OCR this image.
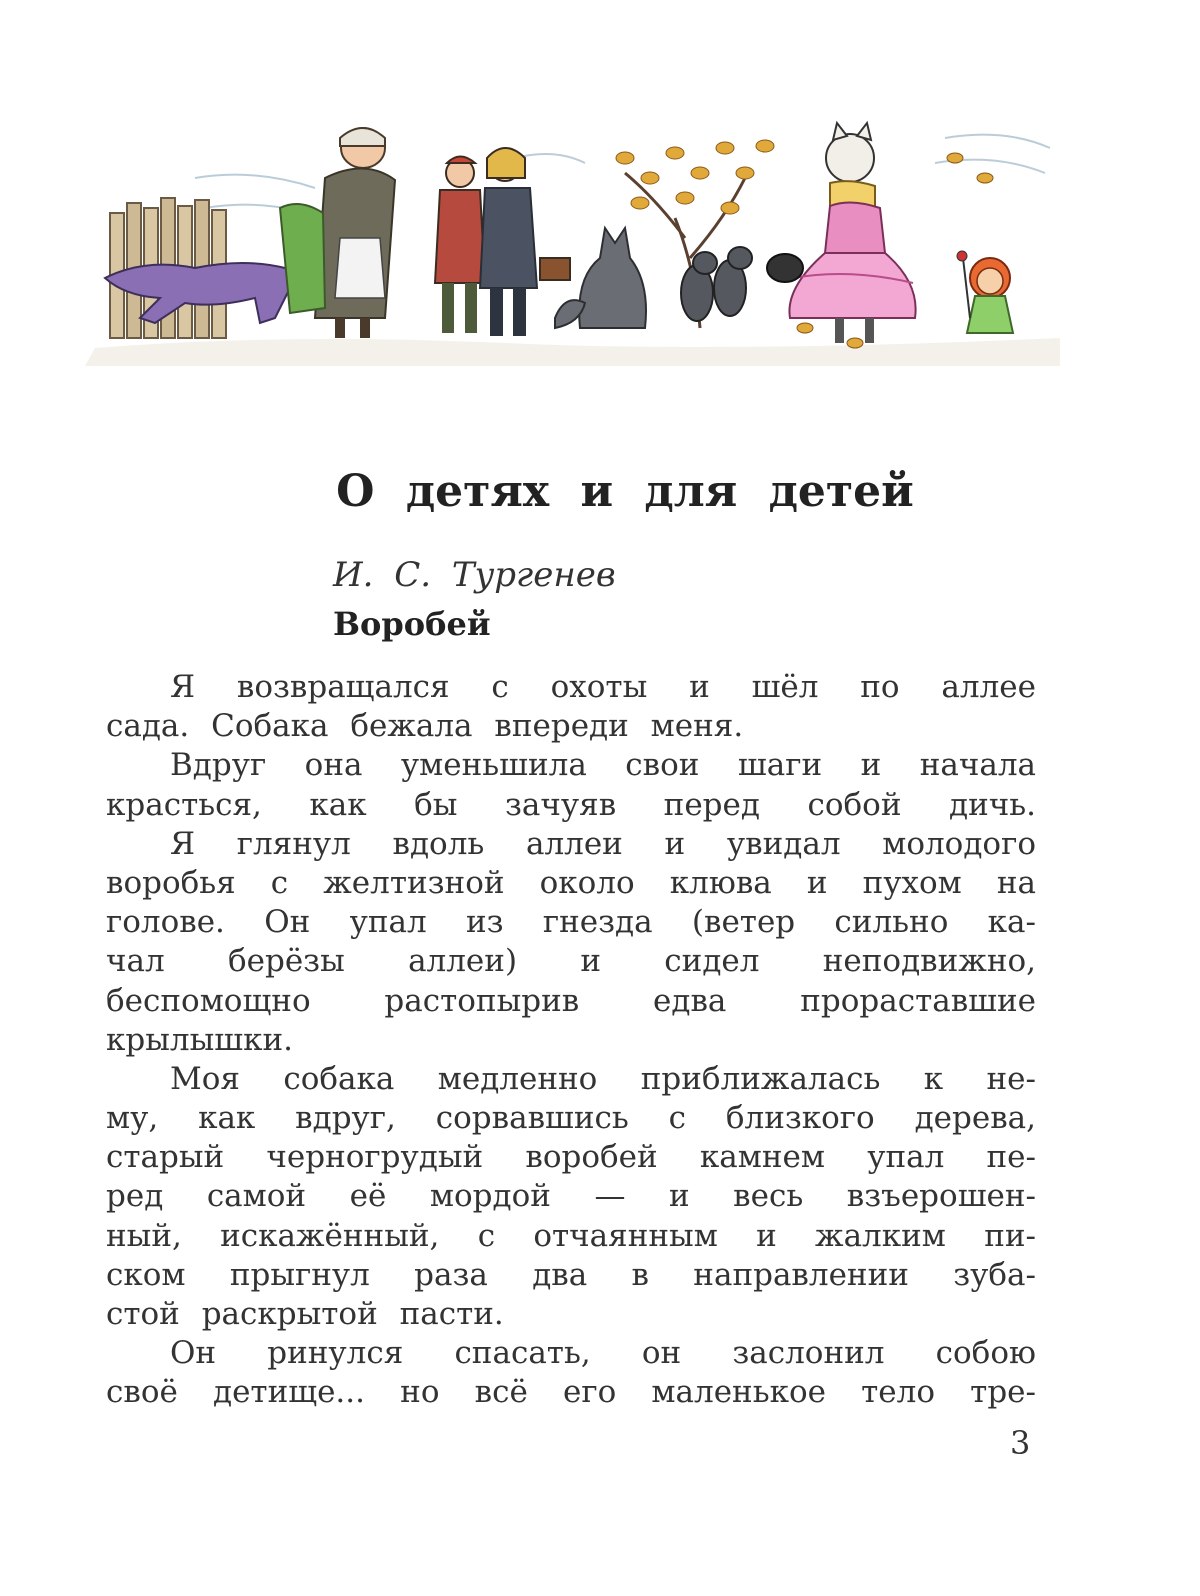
О детях и для детей
И. С. Тургенев
Воробей

Я возвращался с охоты и шёл по аллее
сада. Собака бежала впереди меня.

Вдруг она уменьшила свои шаги и начала
красться, как бы зачуяв перед собой дичь.

Я глянул вдоль аллеи и увидал молодого
воробья с желтизной около клюва и пухом на
голове. Он упал из гнезда (ветер сильно ка-
чал берёзы аллеи) и сидел неподвижно,
беспомощно растопырив едва прораставшие
крылышки.

Моя собака медленно приближалась к не-
му, как вдруг, сорвавшись с близкого дерева,
старый черногрудый воробей камнем упал пе-
ред самой её мордой — и весь взъерошен-
ный, искажённый, с отчаянным и жалким пи-
ском прыгнул раза два в направлении зуба-
стой раскрытой пасти.

Он ринулся спасать, он заслонил собою
своё детище... но всё его маленькое тело тре-

3
